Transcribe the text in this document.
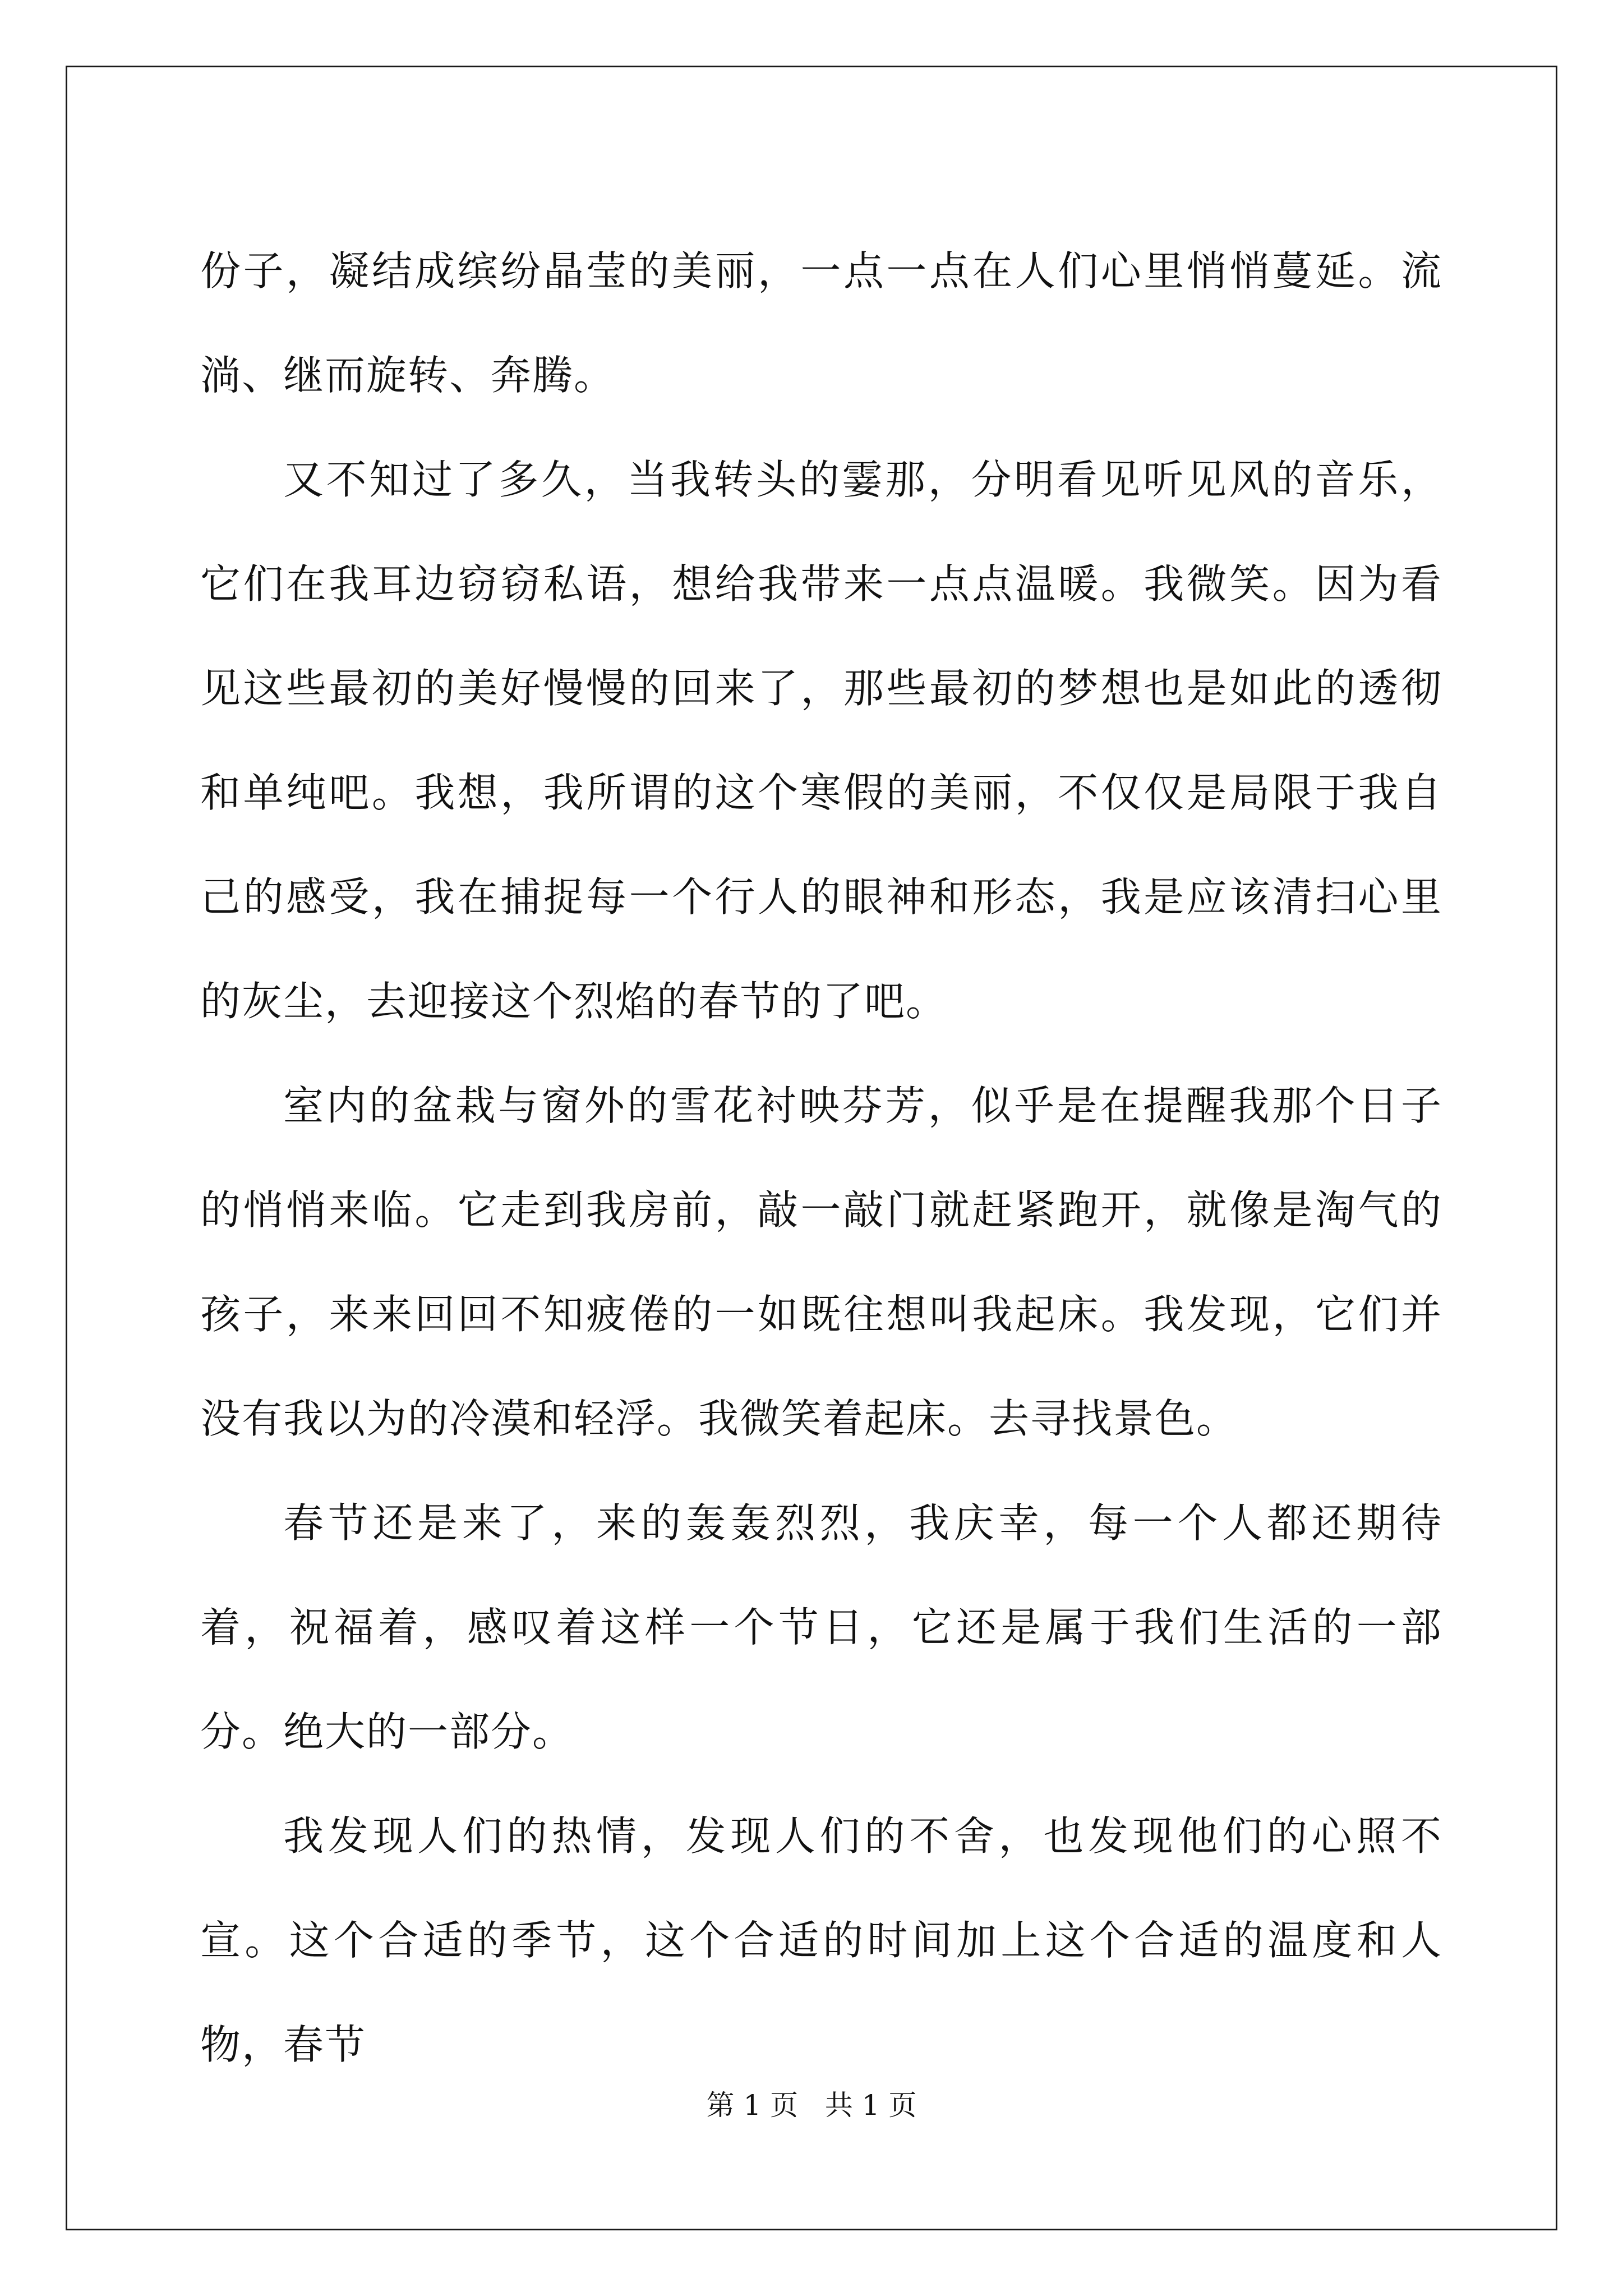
份子，凝结成缤纷晶莹的美丽，一点一点在人们心里悄悄蔓延。流淌、继而旋转、奔腾。

又不知过了多久，当我转头的霎那，分明看见听见风的音乐，它们在我耳边窃窃私语，想给我带来一点点温暖。我微笑。因为看见这些最初的美好慢慢的回来了，那些最初的梦想也是如此的透彻和单纯吧。我想，我所谓的这个寒假的美丽，不仅仅是局限于我自己的感受，我在捕捉每一个行人的眼神和形态，我是应该清扫心里的灰尘，去迎接这个烈焰的春节的了吧。

室内的盆栽与窗外的雪花衬映芬芳，似乎是在提醒我那个日子的悄悄来临。它走到我房前，敲一敲门就赶紧跑开，就像是淘气的孩子，来来回回不知疲倦的一如既往想叫我起床。我发现，它们并没有我以为的冷漠和轻浮。我微笑着起床。去寻找景色。

春节还是来了，来的轰轰烈烈，我庆幸，每一个人都还期待着，祝福着，感叹着这样一个节日，它还是属于我们生活的一部分。绝大的一部分。

我发现人们的热情，发现人们的不舍，也发现他们的心照不宣。这个合适的季节，这个合适的时间加上这个合适的温度和人物，春节

第 1 页   共 1 页
